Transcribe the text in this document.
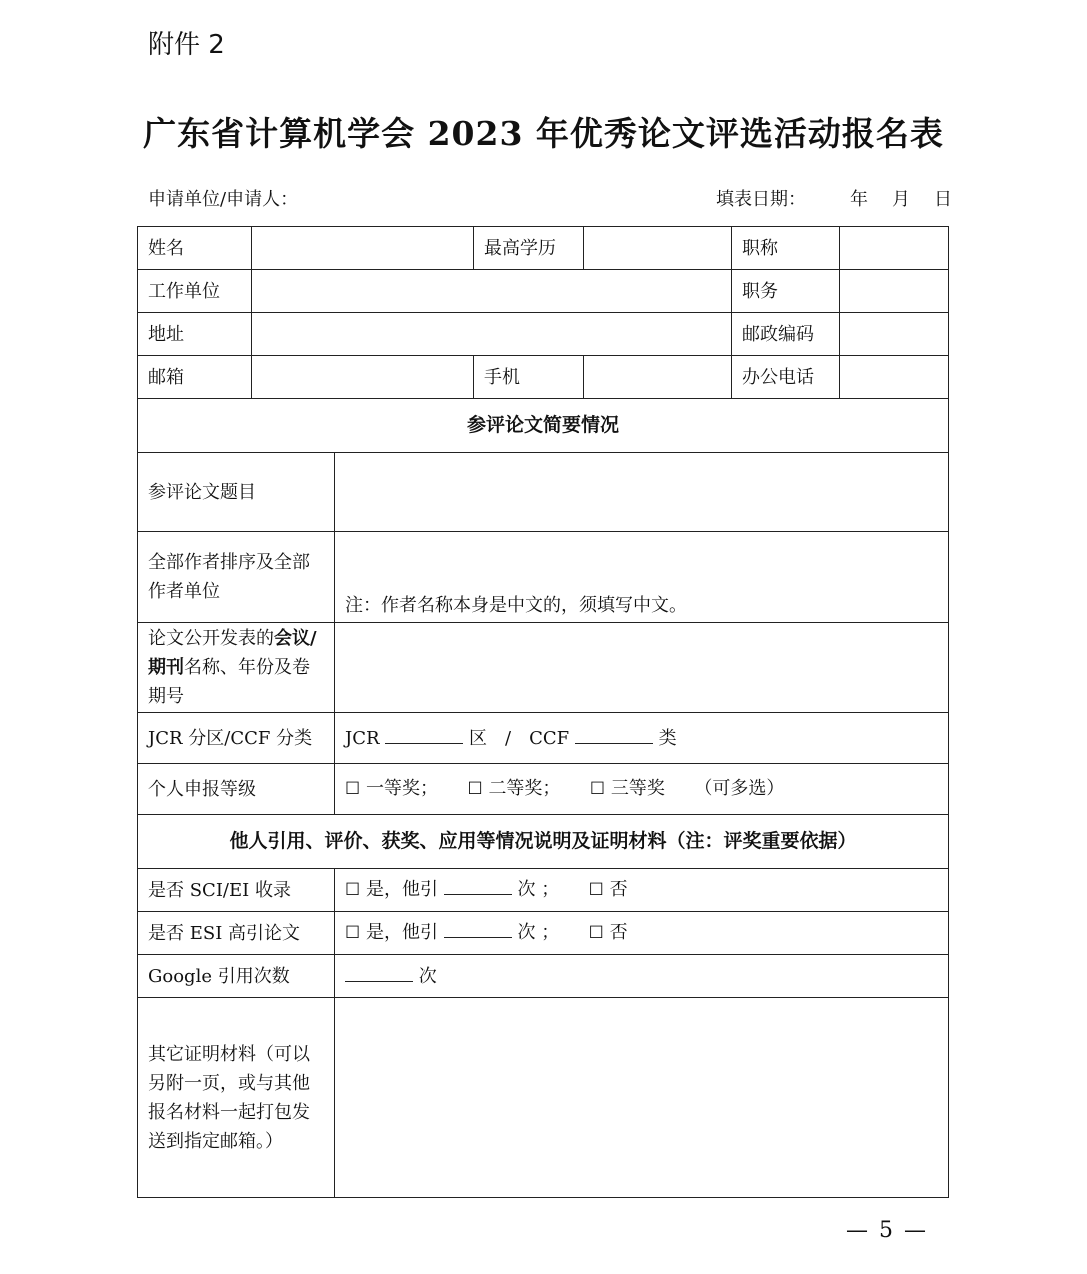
附件 2
广东省计算机学会 2023 年优秀论文评选活动报名表
申请单位/申请人：	填表日期： 年 月 日
姓名			最高学历		职称	
工作单位					职务	
地址					邮政编码	
邮箱			手机		办公电话	
参评论文简要情况						
参评论文题目						
全部作者排序及全部作者单位		注：作者名称本身是中文的，须填写中文。				
论文公开发表的会议/期刊名称、年份及卷期号						
JCR 分区/CCF 分类		JCR 区 / CCF 类				
个人申报等级		☐ 一等奖； ☐ 二等奖； ☐ 三等奖 （可多选）				
他人引用、评价、获奖、应用等情况说明及证明材料（注：评奖重要依据）						
是否 SCI/EI 收录		☐ 是，他引 次 ； ☐ 否				
是否 ESI 高引论文		☐ 是，他引 次 ； ☐ 否				
Google 引用次数		次				
其它证明材料（可以另附一页，或与其他报名材料一起打包发送到指定邮箱。）						
— 5 —
